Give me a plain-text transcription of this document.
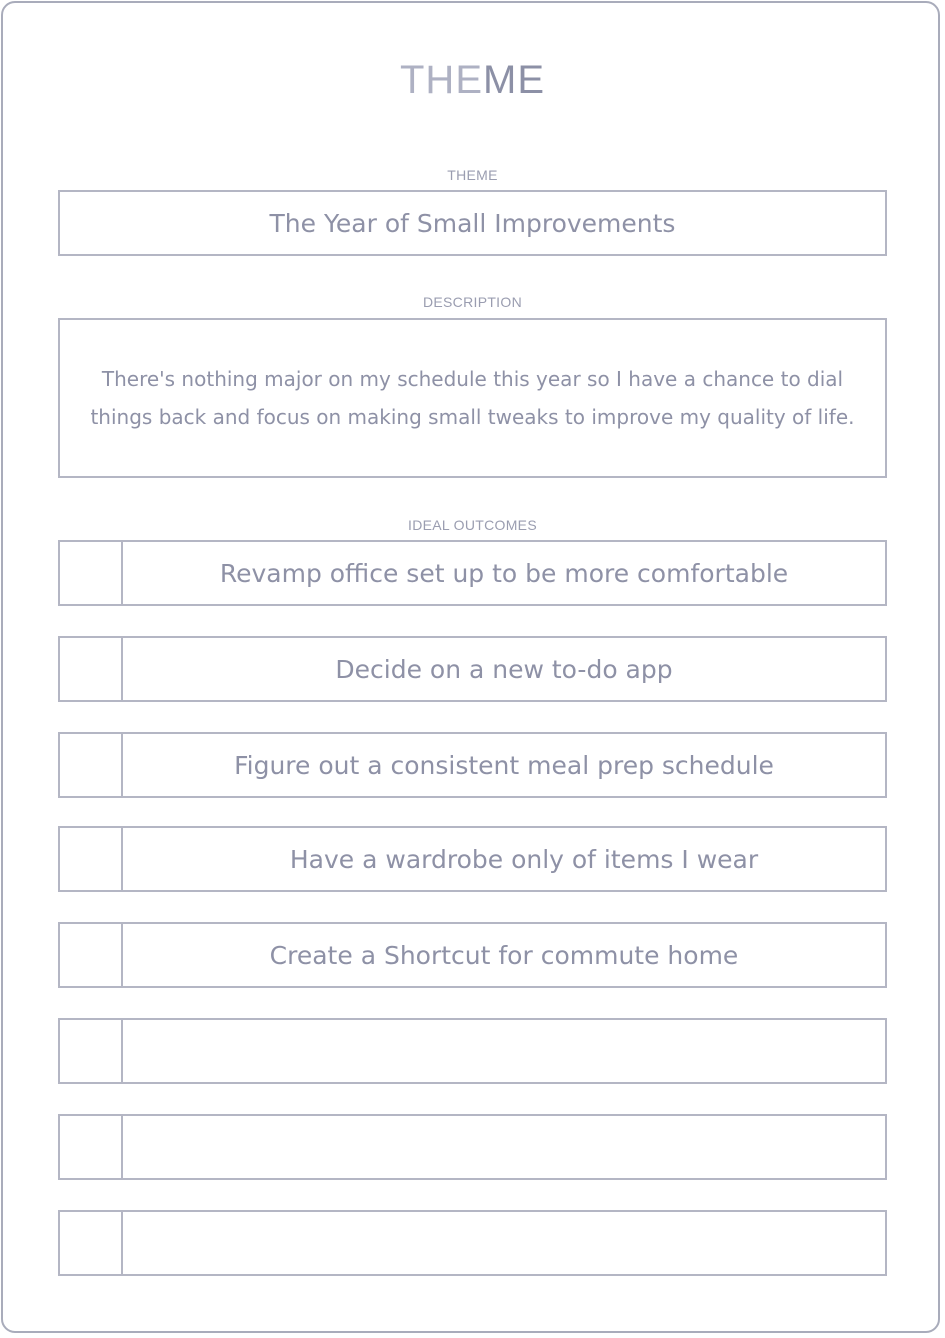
THEME
THEME
The Year of Small Improvements
DESCRIPTION
There's nothing major on my schedule this year so I have a chance to dial things back and focus on making small tweaks to improve my quality of life.
IDEAL OUTCOMES
Revamp office set up to be more comfortable
Decide on a new to-do app
Figure out a consistent meal prep schedule
Have a wardrobe only of items I wear
Create a Shortcut for commute home
